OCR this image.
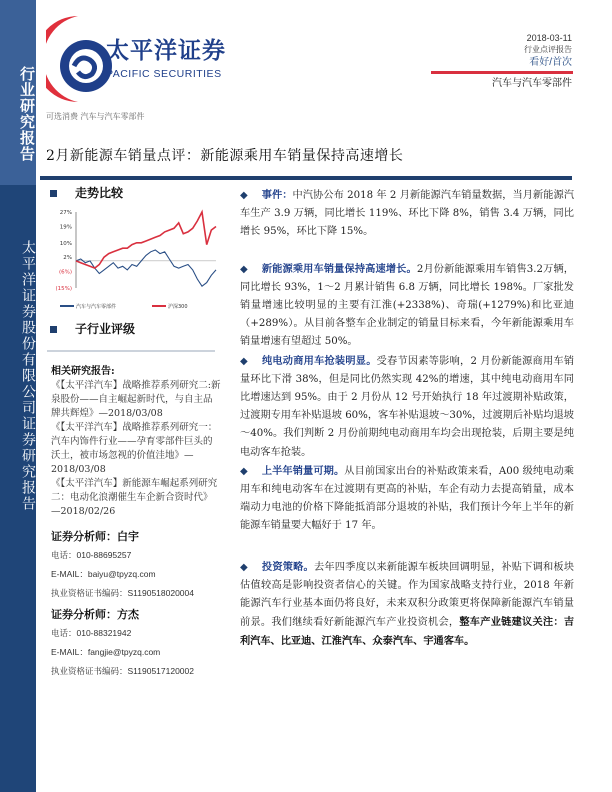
行业研究报告
太平洋证券股份有限公司证券研究报告
太平洋证券
PACIFIC SECURITIES
2018-03-11
行业点评报告
看好/首次
汽车与汽车零部件
可选消费 汽车与汽车零部件
2月新能源车销量点评：新能源乘用车销量保持高速增长
走势比较
27%
19%
10%
2%
(6%)
(15%)
汽车与汽车零部件	沪深300
子行业评级
相关研究报告:
《【太平洋汽车】战略推荐系列研究二:新泉股份——自主崛起新时代，与自主品牌共辉煌》—2018/03/08
《【太平洋汽车】战略推荐系列研究一：汽车内饰件行业——孕育零部件巨头的沃土，被市场忽视的价值洼地》—2018/03/08
《【太平洋汽车】新能源车崛起系列研究二：电动化浪潮催生车企新合资时代》—2018/02/26
证券分析师：白宇
电话：010-88695257
E-MAIL：baiyu@tpyzq.com
执业资格证书编码：S1190518020004
证券分析师：方杰
电话：010-88321942
E-MAIL：fangjie@tpyzq.com
执业资格证书编码：S1190517120002

◆ 事件：中汽协公布 2018 年 2 月新能源汽车销量数据，当月新能源汽车生产 3.9 万辆，同比增长 119%、环比下降 8%，销售 3.4 万辆，同比增长 95%，环比下降 15%。

◆ 新能源乘用车销量保持高速增长。2月份新能源乘用车销售3.2万辆，同比增长 93%，1～2 月累计销售 6.8 万辆，同比增长 198%。厂家批发销量增速比较明显的主要有江淮(+2338%)、奇瑞(+1279%)和比亚迪（+289%）。从目前各整车企业制定的销量目标来看，今年新能源乘用车销量增速有望超过 50%。

◆ 纯电动商用车抢装明显。受春节因素等影响，2 月份新能源商用车销量环比下滑 38%，但是同比仍然实现 42%的增速，其中纯电动商用车同比增速达到 95%。由于 2 月份从 12 号开始执行 18 年过渡期补贴政策，过渡期专用车补贴退坡 60%，客车补贴退坡～30%，过渡期后补贴均退坡～40%。我们判断 2 月份前期纯电动商用车均会出现抢装，后期主要是纯电动客车抢装。

◆ 上半年销量可期。从目前国家出台的补贴政策来看，A00 级纯电动乘用车和纯电动客车在过渡期有更高的补贴，车企有动力去提高销量，成本端动力电池的价格下降能抵消部分退坡的补贴，我们预计今年上半年的新能源车销量要大幅好于 17 年。

◆ 投资策略。去年四季度以来新能源车板块回调明显，补贴下调和板块估值较高是影响投资者信心的关键。作为国家战略支持行业，2018 年新能源汽车行业基本面仍将良好，未来双积分政策更将保障新能源汽车销量前景。我们继续看好新能源汽车产业投资机会，整车产业链建议关注：吉利汽车、比亚迪、江淮汽车、众泰汽车、宇通客车。
